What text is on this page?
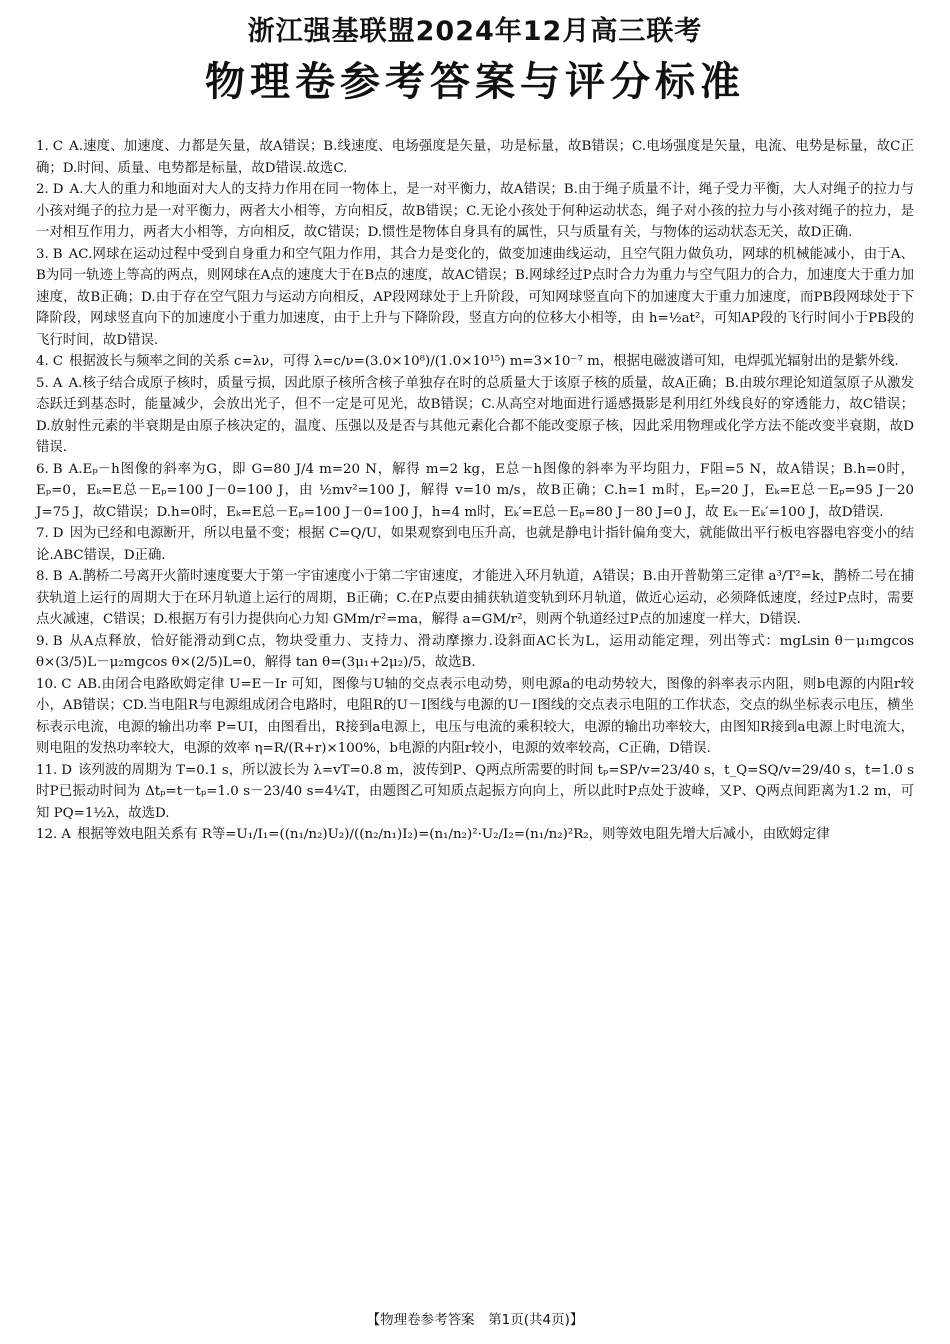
浙江强基联盟2024年12月高三联考
物理卷参考答案与评分标准

1. C A.速度、加速度、力都是矢量，故A错误；B.线速度、电场强度是矢量，功是标量，故B错误；C.电场强度是矢量，电流、电势是标量，故C正确；D.时间、质量、电势都是标量，故D错误.故选C.

2. D A.大人的重力和地面对大人的支持力作用在同一物体上，是一对平衡力，故A错误；B.由于绳子质量不计，绳子受力平衡，大人对绳子的拉力与小孩对绳子的拉力是一对平衡力，两者大小相等，方向相反，故B错误；C.无论小孩处于何种运动状态，绳子对小孩的拉力与小孩对绳子的拉力，是一对相互作用力，两者大小相等，方向相反，故C错误；D.惯性是物体自身具有的属性，只与质量有关，与物体的运动状态无关，故D正确.

3. B AC.网球在运动过程中受到自身重力和空气阻力作用，其合力是变化的，做变加速曲线运动，且空气阻力做负功，网球的机械能减小，由于A、B为同一轨迹上等高的两点，则网球在A点的速度大于在B点的速度，故AC错误；B.网球经过P点时合力为重力与空气阻力的合力，加速度大于重力加速度，故B正确；D.由于存在空气阻力与运动方向相反，AP段网球处于上升阶段，可知网球竖直向下的加速度大于重力加速度，而PB段网球处于下降阶段，网球竖直向下的加速度小于重力加速度，由于上升与下降阶段，竖直方向的位移大小相等，由 h=½at²，可知AP段的飞行时间小于PB段的飞行时间，故D错误.

4. C 根据波长与频率之间的关系 c=λν，可得 λ=c/ν=(3.0×10⁸)/(1.0×10¹⁵) m=3×10⁻⁷ m，根据电磁波谱可知，电焊弧光辐射出的是紫外线.

5. A A.核子结合成原子核时，质量亏损，因此原子核所含核子单独存在时的总质量大于该原子核的质量，故A正确；B.由玻尔理论知道氢原子从激发态跃迁到基态时，能量减少，会放出光子，但不一定是可见光，故B错误；C.从高空对地面进行遥感摄影是利用红外线良好的穿透能力，故C错误；D.放射性元素的半衰期是由原子核决定的，温度、压强以及是否与其他元素化合都不能改变原子核，因此采用物理或化学方法不能改变半衰期，故D错误.

6. B A.Eₚ－h图像的斜率为G，即 G=80 J/4 m=20 N，解得 m=2 kg，E总－h图像的斜率为平均阻力，F阻=5 N，故A错误；B.h=0时，Eₚ=0，Eₖ=E总－Eₚ=100 J－0=100 J，由 ½mv²=100 J，解得 v=10 m/s，故B正确；C.h=1 m时，Eₚ=20 J，Eₖ=E总－Eₚ=95 J－20 J=75 J，故C错误；D.h=0时，Eₖ=E总－Eₚ=100 J－0=100 J，h=4 m时，Eₖ′=E总－Eₚ=80 J－80 J=0 J，故 Eₖ－Eₖ′=100 J，故D错误.

7. D 因为已经和电源断开，所以电量不变；根据 C=Q/U，如果观察到电压升高，也就是静电计指针偏角变大，就能做出平行板电容器电容变小的结论.ABC错误，D正确.

8. B A.鹊桥二号离开火箭时速度要大于第一宇宙速度小于第二宇宙速度，才能进入环月轨道，A错误；B.由开普勒第三定律 a³/T²=k，鹊桥二号在捕获轨道上运行的周期大于在环月轨道上运行的周期，B正确；C.在P点要由捕获轨道变轨到环月轨道，做近心运动，必须降低速度，经过P点时，需要点火减速，C错误；D.根据万有引力提供向心力知 GMm/r²=ma，解得 a=GM/r²，则两个轨道经过P点的加速度一样大，D错误.

9. B 从A点释放，恰好能滑动到C点，物块受重力、支持力、滑动摩擦力.设斜面AC长为L，运用动能定理，列出等式：mgLsin θ－μ₁mgcos θ×(3/5)L－μ₂mgcos θ×(2/5)L=0，解得 tan θ=(3μ₁+2μ₂)/5，故选B.

10. C AB.由闭合电路欧姆定律 U=E－Ir 可知，图像与U轴的交点表示电动势，则电源a的电动势较大，图像的斜率表示内阻，则b电源的内阻r较小，AB错误；CD.当电阻R与电源组成闭合电路时，电阻R的U－I图线与电源的U－I图线的交点表示电阻的工作状态，交点的纵坐标表示电压，横坐标表示电流，电源的输出功率 P=UI，由图看出，R接到a电源上，电压与电流的乘积较大，电源的输出功率较大，由图知R接到a电源上时电流大，则电阻的发热功率较大，电源的效率 η=R/(R+r)×100%，b电源的内阻r较小，电源的效率较高，C正确，D错误.

11. D 该列波的周期为 T=0.1 s，所以波长为 λ=vT=0.8 m，波传到P、Q两点所需要的时间 tₚ=SP/v=23/40 s，t_Q=SQ/v=29/40 s，t=1.0 s时P已振动时间为 Δtₚ=t－tₚ=1.0 s－23/40 s=4¼T，由题图乙可知质点起振方向向上，所以此时P点处于波峰，又P、Q两点间距离为1.2 m，可知 PQ=1½λ，故选D.

12. A 根据等效电阻关系有 R等=U₁/I₁=((n₁/n₂)U₂)/((n₂/n₁)I₂)=(n₁/n₂)²·U₂/I₂=(n₁/n₂)²R₂，则等效电阻先增大后减小，由欧姆定律

【物理卷参考答案　第1页(共4页)】
